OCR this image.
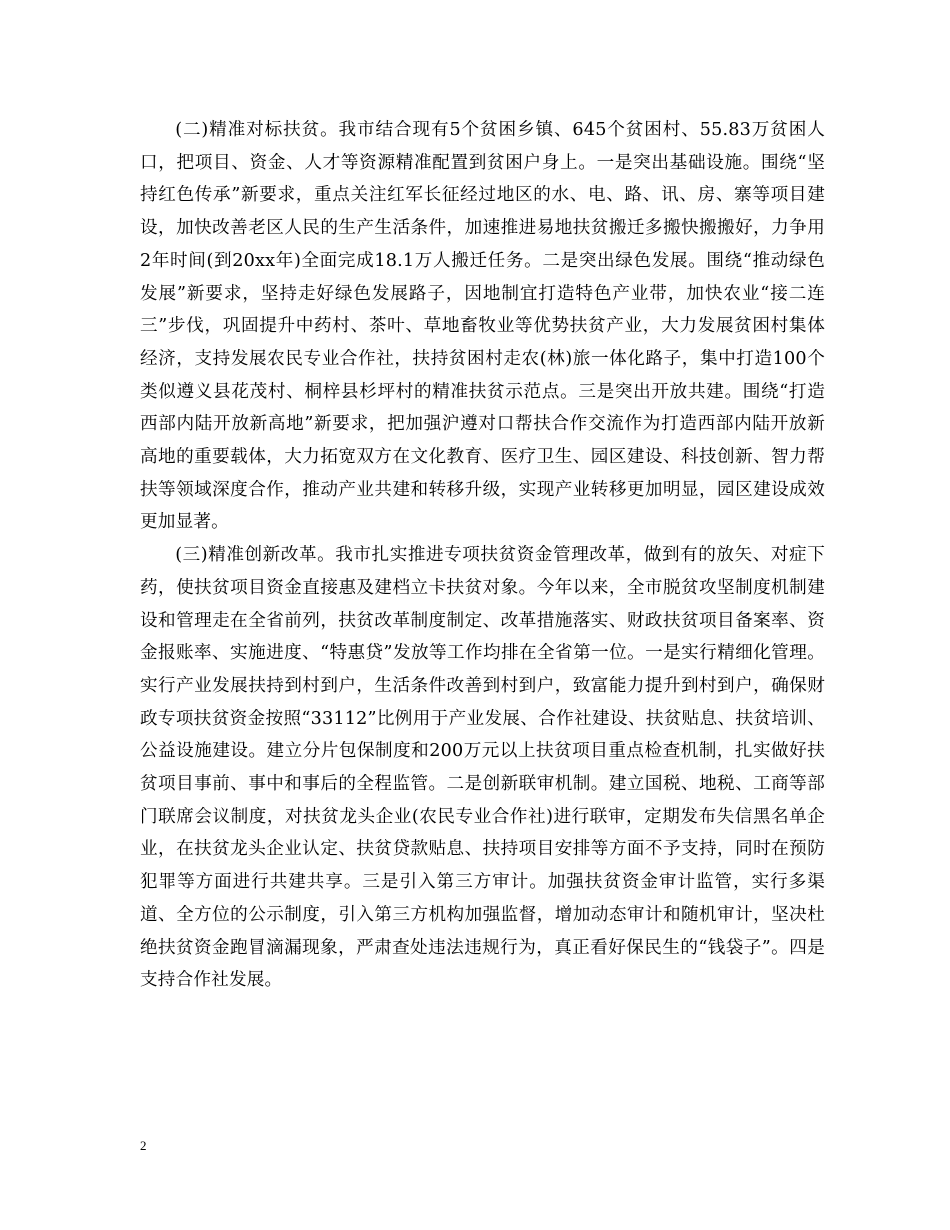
(二)精准对标扶贫。我市结合现有5个贫困乡镇、645个贫困村、55.83万贫困人口，把项目、资金、人才等资源精准配置到贫困户身上。一是突出基础设施。围绕“坚持红色传承”新要求，重点关注红军长征经过地区的水、电、路、讯、房、寨等项目建设，加快改善老区人民的生产生活条件，加速推进易地扶贫搬迁多搬快搬搬好，力争用2年时间(到20xx年)全面完成18.1万人搬迁任务。二是突出绿色发展。围绕“推动绿色发展”新要求，坚持走好绿色发展路子，因地制宜打造特色产业带，加快农业“接二连三”步伐，巩固提升中药村、茶叶、草地畜牧业等优势扶贫产业，大力发展贫困村集体经济，支持发展农民专业合作社，扶持贫困村走农(林)旅一体化路子，集中打造100个类似遵义县花茂村、桐梓县杉坪村的精准扶贫示范点。三是突出开放共建。围绕“打造西部内陆开放新高地”新要求，把加强沪遵对口帮扶合作交流作为打造西部内陆开放新高地的重要载体，大力拓宽双方在文化教育、医疗卫生、园区建设、科技创新、智力帮扶等领域深度合作，推动产业共建和转移升级，实现产业转移更加明显，园区建设成效更加显著。

(三)精准创新改革。我市扎实推进专项扶贫资金管理改革，做到有的放矢、对症下药，使扶贫项目资金直接惠及建档立卡扶贫对象。今年以来，全市脱贫攻坚制度机制建设和管理走在全省前列，扶贫改革制度制定、改革措施落实、财政扶贫项目备案率、资金报账率、实施进度、“特惠贷”发放等工作均排在全省第一位。一是实行精细化管理。实行产业发展扶持到村到户，生活条件改善到村到户，致富能力提升到村到户，确保财政专项扶贫资金按照“33112”比例用于产业发展、合作社建设、扶贫贴息、扶贫培训、公益设施建设。建立分片包保制度和200万元以上扶贫项目重点检查机制，扎实做好扶贫项目事前、事中和事后的全程监管。二是创新联审机制。建立国税、地税、工商等部门联席会议制度，对扶贫龙头企业(农民专业合作社)进行联审，定期发布失信黑名单企业，在扶贫龙头企业认定、扶贫贷款贴息、扶持项目安排等方面不予支持，同时在预防犯罪等方面进行共建共享。三是引入第三方审计。加强扶贫资金审计监管，实行多渠道、全方位的公示制度，引入第三方机构加强监督，增加动态审计和随机审计，坚决杜绝扶贫资金跑冒滴漏现象，严肃查处违法违规行为，真正看好保民生的“钱袋子”。四是支持合作社发展。

2
